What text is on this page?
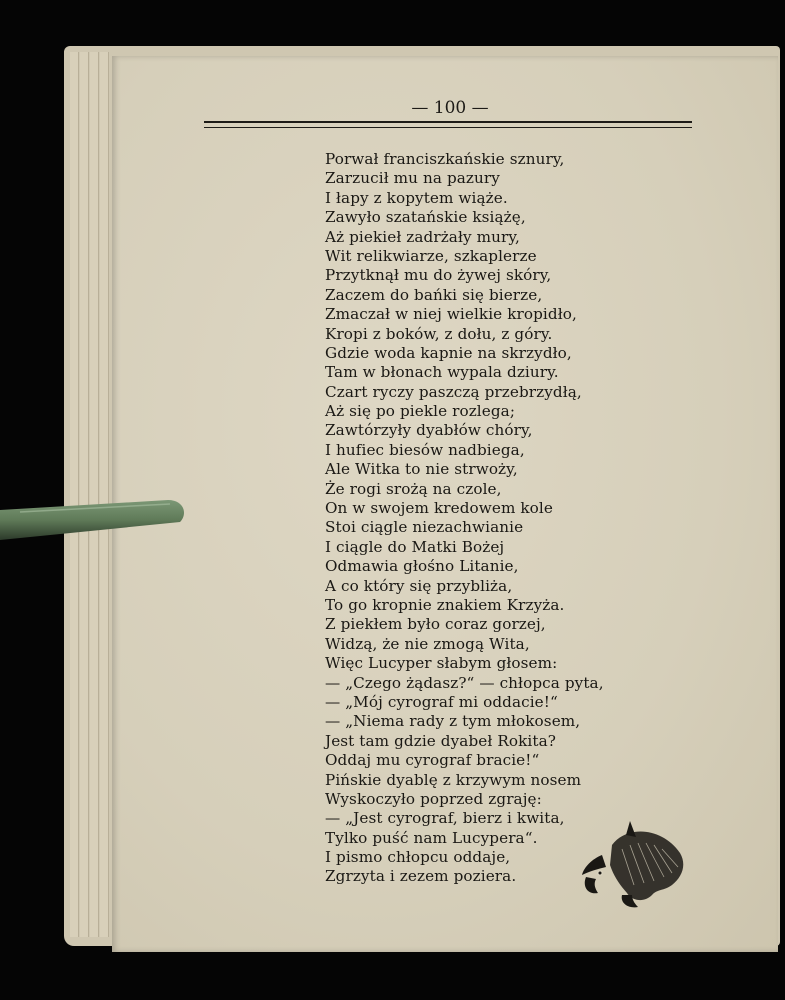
— 100 —
Porwał franciszkańskie sznury,
Zarzucił mu na pazury
I łapy z kopytem wiąże.
Zawyło szatańskie książę,
Aż piekieł zadrżały mury,
Wit relikwiarze, szkaplerze
Przytknął mu do żywej skóry,
Zaczem do bańki się bierze,
Zmaczał w niej wielkie kropidło,
Kropi z boków, z dołu, z góry.
Gdzie woda kapnie na skrzydło,
Tam w błonach wypala dziury.
Czart ryczy paszczą przebrzydłą,
Aż się po piekle rozlega;
Zawtórzyły dyabłów chóry,
I hufiec biesów nadbiega,
Ale Witka to nie strwoży,
Że rogi srożą na czole,
On w swojem kredowem kole
Stoi ciągle niezachwianie
I ciągle do Matki Bożej
Odmawia głośno Litanie,
A co który się przybliża,
To go kropnie znakiem Krzyża.
Z piekłem było coraz gorzej,
Widzą, że nie zmogą Wita,
Więc Lucyper słabym głosem:
— „Czego żądasz?“ — chłopca pyta,
— „Mój cyrograf mi oddacie!“
— „Niema rady z tym młokosem,
Jest tam gdzie dyabeł Rokita?
Oddaj mu cyrograf bracie!“
Pińskie dyablę z krzywym nosem
Wyskoczyło poprzed zgraję:
— „Jest cyrograf, bierz i kwita,
Tylko puść nam Lucypera“.
I pismo chłopcu oddaje,
Zgrzyta i zezem poziera.
